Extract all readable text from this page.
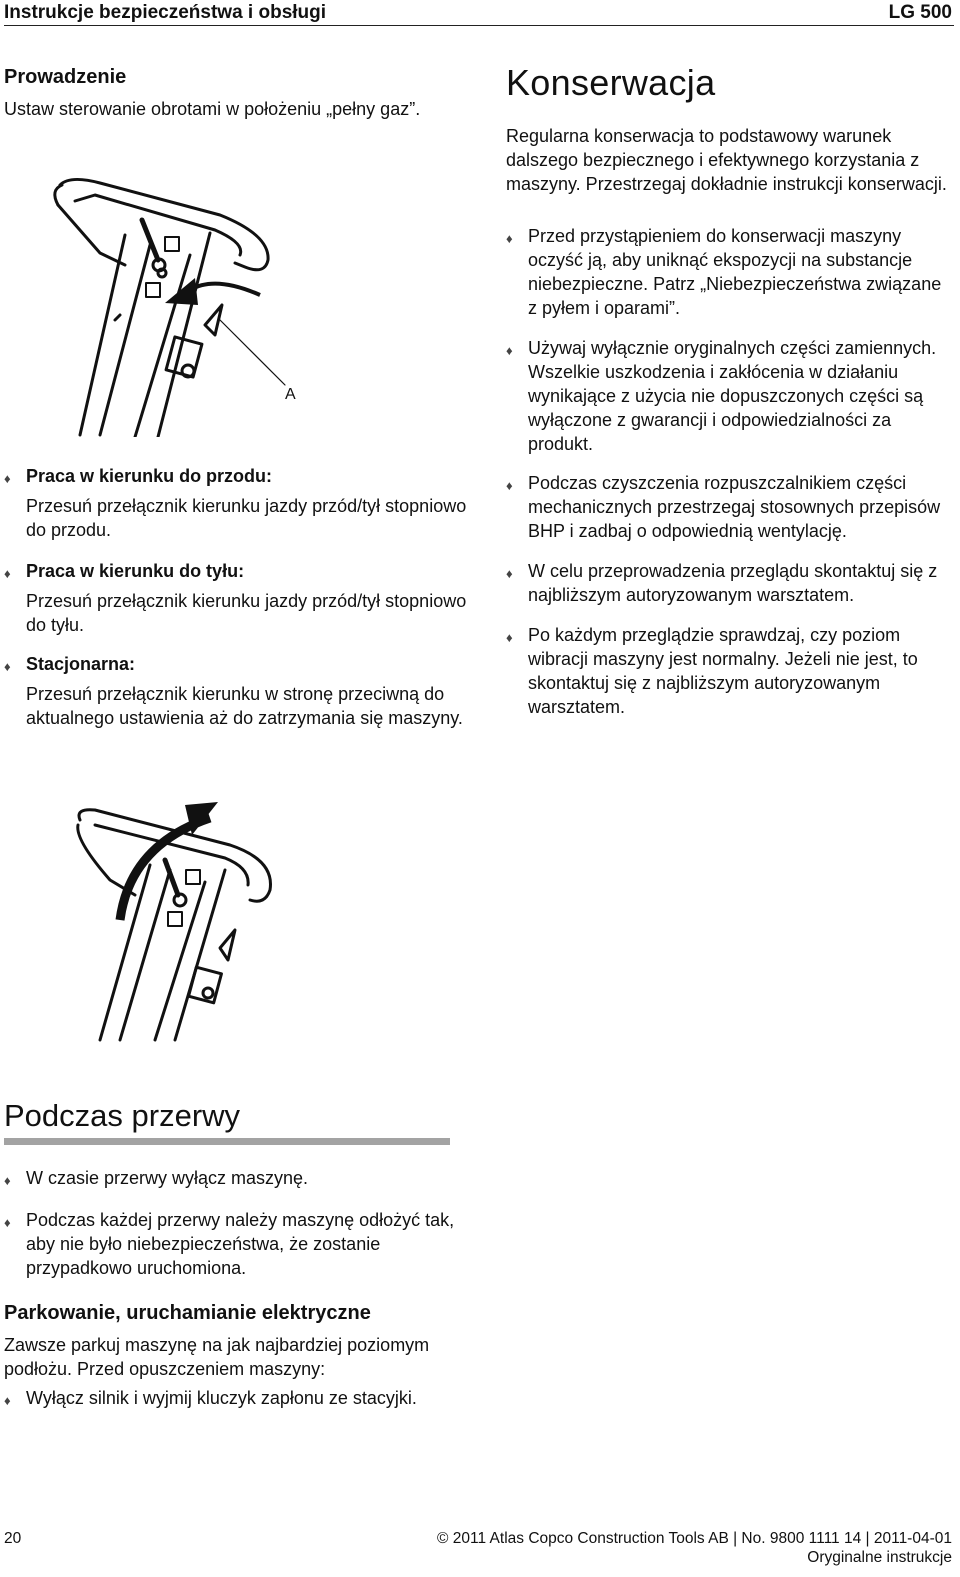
Instrukcje bezpieczeństwa i obsługi	LG 500
Prowadzenie
Ustaw sterowanie obrotami w położeniu „pełny gaz”.
A
♦ Praca w kierunku do przodu:
Przesuń przełącznik kierunku jazdy przód/tył stopniowo do przodu.
♦ Praca w kierunku do tyłu:
Przesuń przełącznik kierunku jazdy przód/tył stopniowo do tyłu.
♦ Stacjonarna:
Przesuń przełącznik kierunku w stronę przeciwną do aktualnego ustawienia aż do zatrzymania się maszyny.
Konserwacja
Regularna konserwacja to podstawowy warunek dalszego bezpiecznego i efektywnego korzystania z maszyny. Przestrzegaj dokładnie instrukcji konserwacji.
♦ Przed przystąpieniem do konserwacji maszyny oczyść ją, aby uniknąć ekspozycji na substancje niebezpieczne. Patrz „Niebezpieczeństwa związane z pyłem i oparami”.
♦ Używaj wyłącznie oryginalnych części zamiennych. Wszelkie uszkodzenia i zakłócenia w działaniu wynikające z użycia nie dopuszczonych części są wyłączone z gwarancji i odpowiedzialności za produkt.
♦ Podczas czyszczenia rozpuszczalnikiem części mechanicznych przestrzegaj stosownych przepisów BHP i zadbaj o odpowiednią wentylację.
♦ W celu przeprowadzenia przeglądu skontaktuj się z najbliższym autoryzowanym warsztatem.
♦ Po każdym przeglądzie sprawdzaj, czy poziom wibracji maszyny jest normalny. Jeżeli nie jest, to skontaktuj się z najbliższym autoryzowanym warsztatem.
Podczas przerwy
♦ W czasie przerwy wyłącz maszynę.
♦ Podczas każdej przerwy należy maszynę odłożyć tak, aby nie było niebezpieczeństwa, że zostanie przypadkowo uruchomiona.
Parkowanie, uruchamianie elektryczne
Zawsze parkuj maszynę na jak najbardziej poziomym podłożu. Przed opuszczeniem maszyny:
♦ Wyłącz silnik i wyjmij kluczyk zapłonu ze stacyjki.
20	© 2011 Atlas Copco Construction Tools AB | No. 9800 1111 14 | 2011-04-01
Oryginalne instrukcje
